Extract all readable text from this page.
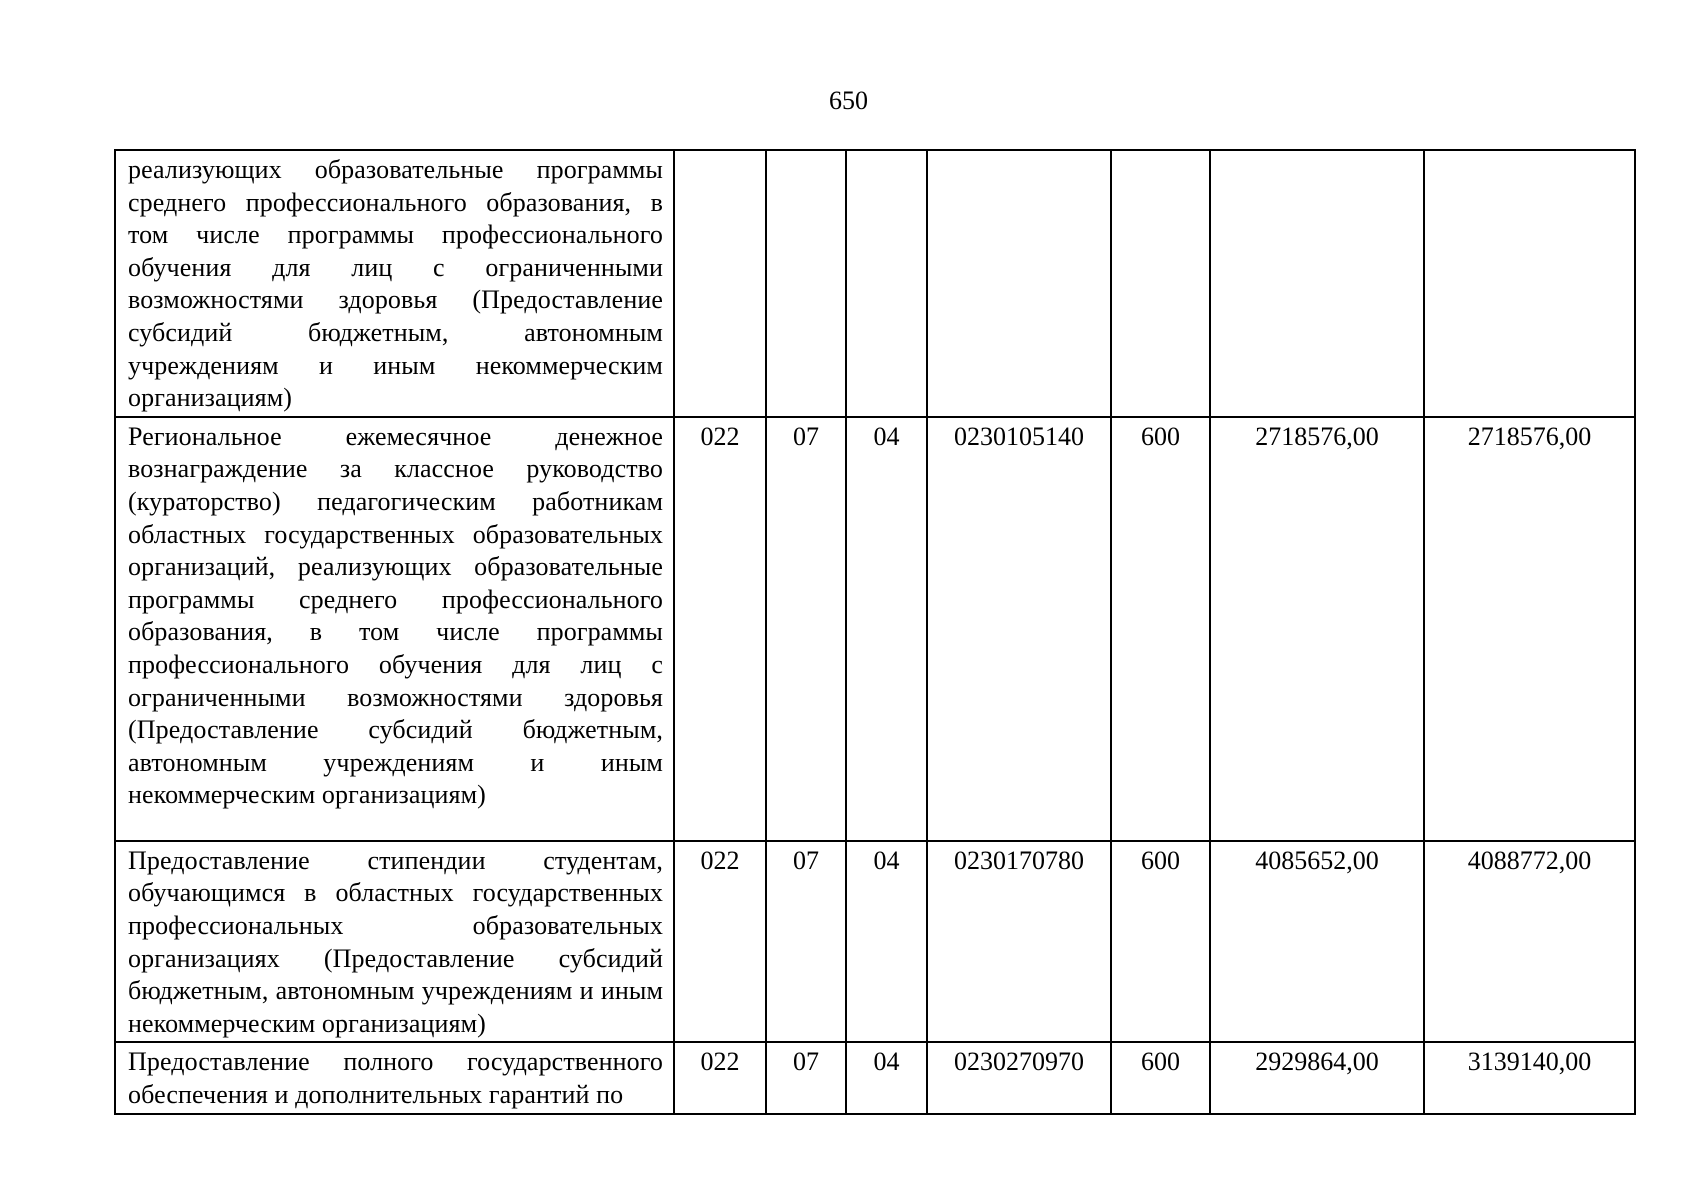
650
реализующих образовательные программы среднего профессионального образования, в том числе программы профессионального обучения для лиц с ограниченными возможностями здоровья (Предоставление субсидий бюджетным, автономным учреждениям и иным некоммерческим организациям)							
Региональное ежемесячное денежное вознаграждение за классное руководство (кураторство) педагогическим работникам областных государственных образовательных организаций, реализующих образовательные программы среднего профессионального образования, в том числе программы профессионального обучения для лиц с ограниченными возможностями здоровья (Предоставление субсидий бюджетным, автономным учреждениям и иным некоммерческим организациям)	022	07	04	0230105140	600	2718576,00	2718576,00
Предоставление стипендии студентам, обучающимся в областных государственных профессиональных образовательных организациях (Предоставление субсидий бюджетным, автономным учреждениям и иным некоммерческим организациям)	022	07	04	0230170780	600	4085652,00	4088772,00
Предоставление полного государственного обеспечения и дополнительных гарантий по	022	07	04	0230270970	600	2929864,00	3139140,00
